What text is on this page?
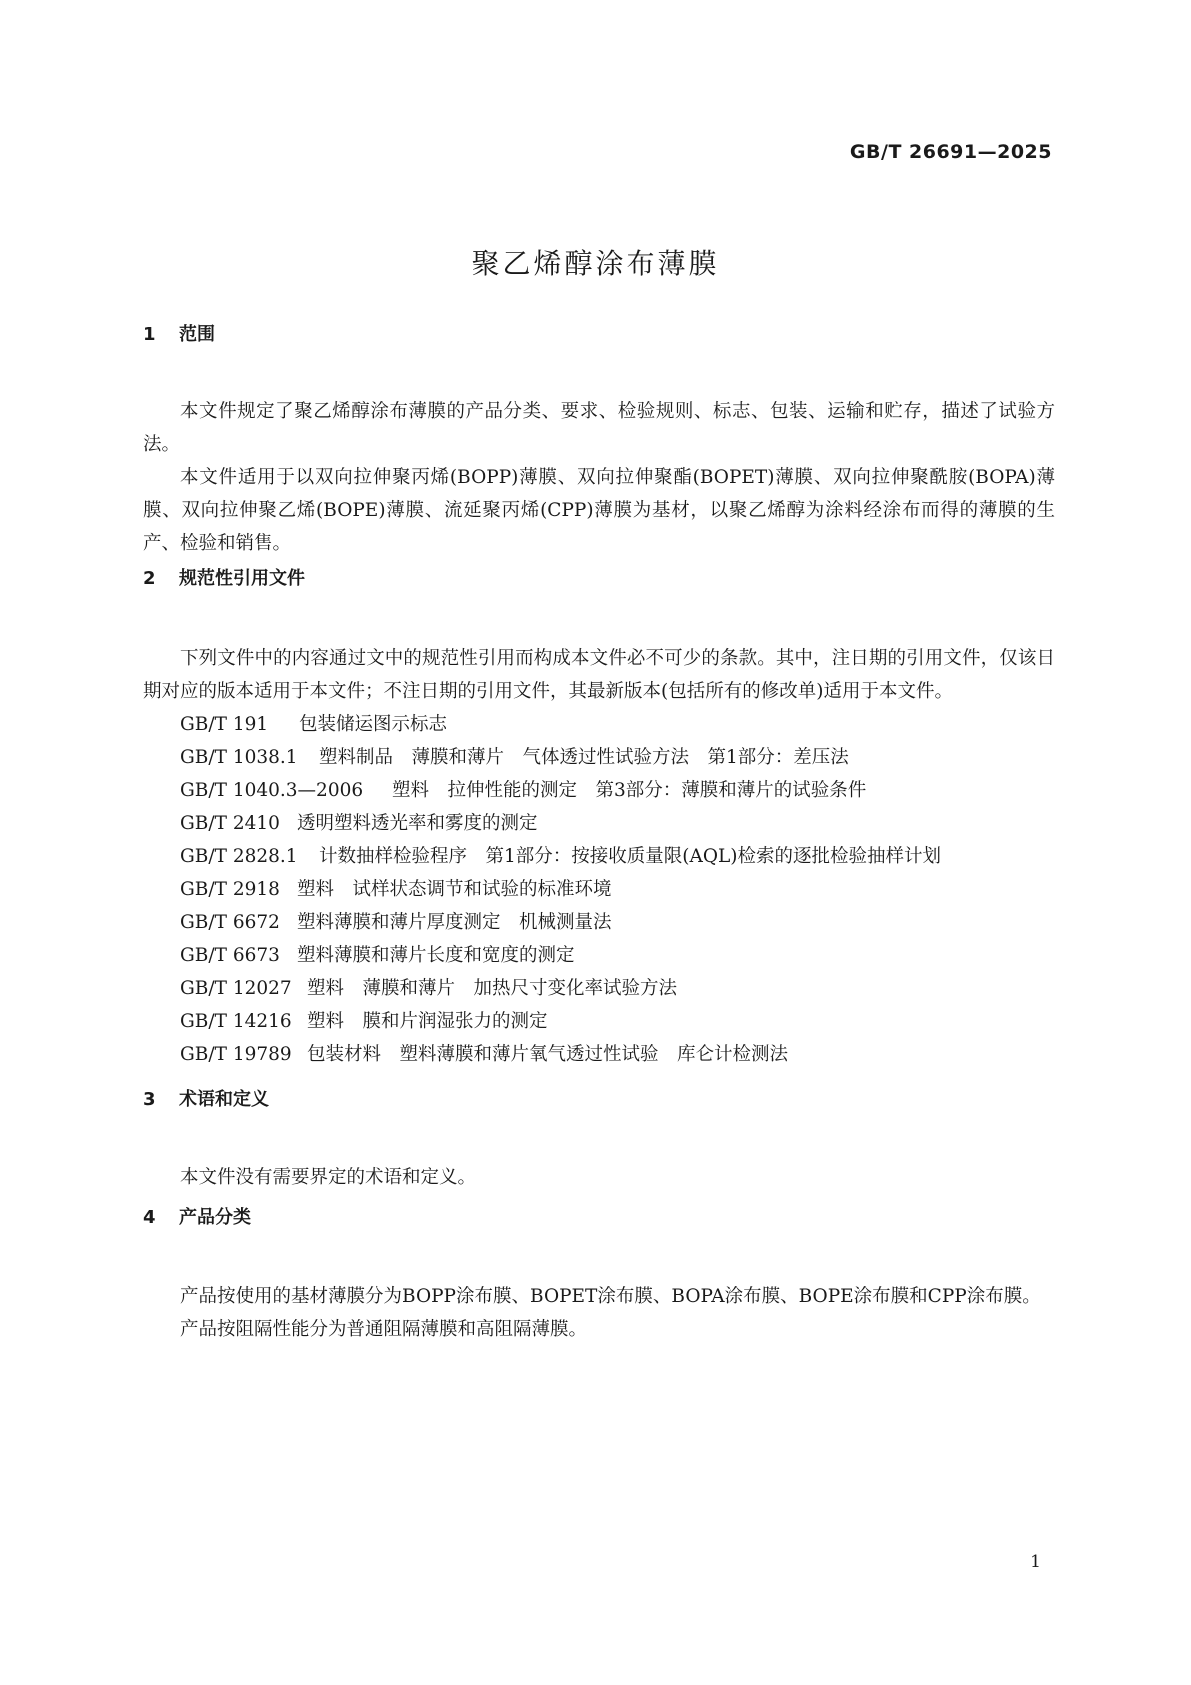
GB/T 26691—2025
聚乙烯醇涂布薄膜
1 范围

本文件规定了聚乙烯醇涂布薄膜的产品分类、要求、检验规则、标志、包装、运输和贮存，描述了试验方法。

本文件适用于以双向拉伸聚丙烯(BOPP)薄膜、双向拉伸聚酯(BOPET)薄膜、双向拉伸聚酰胺(BOPA)薄膜、双向拉伸聚乙烯(BOPE)薄膜、流延聚丙烯(CPP)薄膜为基材，以聚乙烯醇为涂料经涂布而得的薄膜的生产、检验和销售。

2 规范性引用文件

下列文件中的内容通过文中的规范性引用而构成本文件必不可少的条款。其中，注日期的引用文件，仅该日期对应的版本适用于本文件；不注日期的引用文件，其最新版本(包括所有的修改单)适用于本文件。

GB/T 191 包装储运图示标志
GB/T 1038.1 塑料制品　薄膜和薄片　气体透过性试验方法　第1部分：差压法
GB/T 1040.3—2006 塑料　拉伸性能的测定　第3部分：薄膜和薄片的试验条件
GB/T 2410 透明塑料透光率和雾度的测定
GB/T 2828.1 计数抽样检验程序　第1部分：按接收质量限(AQL)检索的逐批检验抽样计划
GB/T 2918 塑料　试样状态调节和试验的标准环境
GB/T 6672 塑料薄膜和薄片厚度测定　机械测量法
GB/T 6673 塑料薄膜和薄片长度和宽度的测定
GB/T 12027 塑料　薄膜和薄片　加热尺寸变化率试验方法
GB/T 14216 塑料　膜和片润湿张力的测定
GB/T 19789 包装材料　塑料薄膜和薄片氧气透过性试验　库仑计检测法
3 术语和定义

本文件没有需要界定的术语和定义。

4 产品分类

产品按使用的基材薄膜分为BOPP涂布膜、BOPET涂布膜、BOPA涂布膜、BOPE涂布膜和CPP涂布膜。

产品按阻隔性能分为普通阻隔薄膜和高阻隔薄膜。

1
